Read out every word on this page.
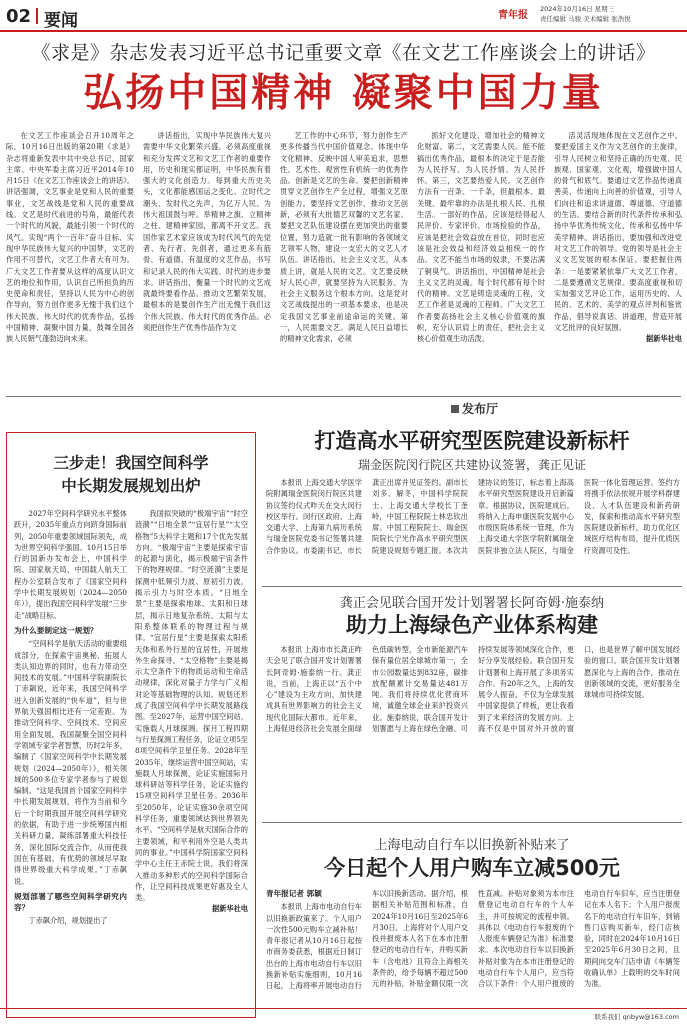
02 要闻	青年报
2024年10月16日 星期三
责任编辑 马骏 美术编辑 张浩悦
《求是》杂志发表习近平总书记重要文章《在文艺工作座谈会上的讲话》
弘扬中国精神 凝聚中国力量

在文艺工作座谈会召开10周年之际，10月16日出版的第20期《求是》杂志将重新发表中共中央总书记、国家主席、中央军委主席习近平2014年10月15日《在文艺工作座谈会上的讲话》。讲话强调，文艺事业是党和人民的重要事业，文艺战线是党和人民的重要战线。文艺是时代前进的号角，最能代表一个时代的风貌，最能引领一个时代的风气。实现“两个一百年”奋斗目标、实现中华民族伟大复兴的中国梦，文艺的作用不可替代，文艺工作者大有可为。广大文艺工作者要从这样的高度认识文艺的地位和作用，认识自己所担负的历史使命和责任，坚持以人民为中心的创作导向，努力创作更多无愧于我们这个伟大民族、伟大时代的优秀作品，弘扬中国精神、凝聚中国力量，鼓舞全国各族人民朝气蓬勃迈向未来。

讲话指出，实现中华民族伟大复兴需要中华文化繁荣兴盛。必须高度重视和充分发挥文艺和文艺工作者的重要作用，历史和现实都证明，中华民族有着强大的文化创造力。每到重大历史关头，文化都能感国运之变化、立时代之潮头、发时代之先声，为亿万人民、为伟大祖国鼓与呼。举精神之旗、立精神之柱、建精神家园，都离不开文艺。我国作家艺术家应该成为时代风气的先觉者、先行者、先倡者，通过更多有筋骨、有道德、有温度的文艺作品，书写和记录人民的伟大实践、时代的进步要求。讲话指出，衡量一个时代的文艺成就最终要看作品。推动文艺繁荣发展，最根本的是要创作生产出无愧于我们这个伟大民族、伟大时代的优秀作品。必须把创作生产优秀作品作为文

艺工作的中心环节，努力创作生产更多传播当代中国价值观念、体现中华文化精神、反映中国人审美追求，思想性、艺术性、观赏性有机统一的优秀作品。创新是文艺的生命。要把创新精神贯穿文艺创作生产全过程，增强文艺原创能力。要坚持文艺创作、推动文艺创新，必须有大批德艺双馨的文艺名家。要把文艺队伍建设摆在更加突出的重要位置，努力造就一批有影响的各领域文艺领军人物，建设一支宏大的文艺人才队伍。讲话指出，社会主义文艺，从本质上讲，就是人民的文艺。文艺要反映好人民心声，就要坚持为人民服务、为社会主义服务这个根本方向。这是党对文艺战线提出的一项基本要求，也是决定我国文艺事业前途命运的关键。第一，人民需要文艺。满足人民日益增长的精神文化需求，必须

抓好文化建设，增加社会的精神文化财富。第二，文艺需要人民。能不能搞出优秀作品，最根本的决定于是否能为人民抒写、为人民抒情、为人民抒怀。第三，文艺要热爱人民。文艺创作方法有一百条、一千条，但最根本、最关键、最牢靠的办法是扎根人民、扎根生活。一部好的作品，应该是经得起人民评价、专家评价、市场检验的作品，应该是把社会效益放在首位，同时也应该是社会效益和经济效益相统一的作品。文艺不能当市场的奴隶，不要沾满了铜臭气。讲话指出，中国精神是社会主义文艺的灵魂。每个时代都有每个时代的精神。文艺是铸造灵魂的工程，文艺工作者是灵魂的工程师。广大文艺工作者要高扬社会主义核心价值观的旗帜，充分认识肩上的责任，把社会主义核心价值观生动活泼、

活灵活现地体现在文艺创作之中。要把爱国主义作为文艺创作的主旋律，引导人民树立和坚持正确的历史观、民族观、国家观、文化观，增强做中国人的骨气和底气。要通过文艺作品传递真善美，传递向上向善的价值观，引导人们向往和追求讲道德、尊道德、守道德的生活。要结合新的时代条件传承和弘扬中华优秀传统文化，传承和弘扬中华美学精神。讲话指出，要加强和改进党对文艺工作的领导。党的领导是社会主义文艺发展的根本保证。要把握住两条：一是要紧紧依靠广大文艺工作者，二是要遵循文艺规律。要高度重视和切实加强文艺评论工作，运用历史的、人民的、艺术的、美学的观点评判和鉴赏作品，倡导说真话、讲道理，营造开展文艺批评的良好氛围。

据新华社电
发布厅
三步走！我国空间科学
中长期发展规划出炉

2027年空间科学研究水平整体跃升，2035年重点方向跻身国际前列，2050年重要领域国际领先，成为世界空间科学强国。10月15日举行的国新办发布会上，中国科学院、国家航天局、中国载人航天工程办公室联合发布了《国家空间科学中长期发展规划（2024—2050年）》，提出我国空间科学发展“三步走”战略目标。

为什么要制定这一规划？

“空间科学是航天活动的重要组成部分，在探索宇宙奥秘、拓展人类认知边界的同时，也有力带动空间技术的发展。”中国科学院副院长丁赤飙说，近年来，我国空间科学进入创新发展的“快车道”，但与世界航天强国相比还有一定差距。为推动空间科学、空间技术、空间应用全面发展，我国凝聚全国空间科学领域专家学者智慧，历时2年多，编制了《国家空间科学中长期发展规划（2024—2050年）》，相关领域的500多位专家学者参与了规划编制。“这是我国首个国家空间科学中长期发展规划，将作为当前和今后一个时期我国开展空间科学研究的依据，有助于进一步统筹国内相关科研力量，凝练部署重大科技任务，深化国际交流合作，从而使我国在有基础、有优势的领域尽早取得世界级重大科学成果。”丁赤飙说。

规划部署了哪些空间科学研究内容？

丁赤飙介绍，规划提出了

我国拟突破的“极端宇宙”“时空涟漪”“日地全景”“宜居行星”“太空格物”5大科学主题和17个优先发展方向。“极端宇宙”主要是探索宇宙的起源与演化，揭示极端宇宙条件下的物理规律。“时空涟漪”主要是探测中低频引力波、原初引力波，揭示引力与时空本质。“日地全景”主要是探索地球、太阳和日球层，揭示日地复杂系统、太阳与太阳系整体联系的物理过程与规律。“宜居行星”主要是探索太阳系天体和系外行星的宜居性，开展地外生命探寻。“太空格物”主要是揭示太空条件下的物质运动和生命活动规律，深化对量子力学与广义相对论等基础物理的认知。规划还形成了我国空间科学中长期发展路线图。至2027年，运营中国空间站，实施载人月球探测、探月工程四期与行星探测工程任务，论证立项5至8项空间科学卫星任务。2028年至2035年，继续运营中国空间站，实施载人月球探测，论证实施国际月球科研站等科学任务，论证实施约15项空间科学卫星任务。2036年至2050年，论证实施30余项空间科学任务，重要领域达到世界领先水平。“空间科学是航天国际合作的主要领域，和平利用外空是人类共同的事业。”中国科学院国家空间科学中心主任王赤院士说，我们将深入推动多种形式的空间科学国际合作，让空间科技成果更好惠及全人类。

据新华社电
打造高水平研究型医院建设新标杆
瑞金医院闵行院区共建协议签署，龚正见证

本报讯 上海交通大学医学院附属瑞金医院闵行院区共建协议签约仪式昨天在交大闵行校区举行。闵行区政府、上海交通大学、上海第九病历系统与瑞金医院党委书记签署共建合作协议。市委副书记、市长龚正出席并见证签约。副市长刘多、解冬，中国科学院院士、上海交通大学校长丁奎岭，中国工程院院士林忠钦出席。中国工程院院士、瑞金医院院长宁光作高水平研究型医院建设规划专题汇报。本次共建协议的签订，标志着上海高水平研究型医院建设开启新篇章。根据协议，医院建成后，将纳入上海申康医院发展中心市级医院体系统一管理，作为上海交通大学医学院附属瑞金医院非独立法人院区，与瑞金医院一体化管理运营。签约方将携手依法依规开展学科群建设、人才队伍建设和新药研发，探索和推动高水平研究型医院建设新标杆，助力优化区域医疗结构布局，提升优质医疗资源可及性。

龚正会见联合国开发计划署署长阿奇姆·施泰纳
助力上海绿色产业体系构建

本报讯 上海市市长龚正昨天会见了联合国开发计划署署长阿奇姆·施泰纳一行。龚正说，当前，上海正以“五个中心”建设为主攻方向，加快建成具有世界影响力的社会主义现代化国际大都市。近年来，上海促进经济社会发展全面绿色低碳转型，全市新能源汽车保有量位居全球城市第一，全市公园数量达到832座，碳排放配额累计交易量达481万吨。我们将持续优化营商环境，诚邀全球企业来沪投资兴业。施泰纳说，联合国开发计划署愿与上海在绿色金融、可持续发展等领域深化合作，更好分享发展经验。联合国开发计划署和上海开展了多项务实合作。有20年之久，上海的发展令人振奋，不仅为全球发展中国家提供了样板，更让我看到了未来经济的发展方向。上海不仅是中国对外开放的窗口，也是世界了解中国发展经验的窗口。联合国开发计划署愿深化与上海的合作，推动在创新领域的交流，更好服务全球城市可持续发展。

上海电动自行车以旧换新补贴来了
今日起个人用户购车立减500元
青年报记者 郭颖

本报讯 上海市电动自行车以旧换新政策来了。个人用户一次性500元购车立减补贴！青年报记者从10月16日起按市商务委获悉，根据近日制订出台的上海市电动自行车以旧换新补贴实施细则，10月16日起，上海将率开展电动自行车以旧换新活动。据介绍，根据相关补贴范围和标准，自2024年10月16日至2025年6月30日，上海将对个人用户交投并报废本人名下在本市注册登记的电动自行车，并购买新车（含电池）且符合上海相关条件的，给予每辆不超过500元的补贴，补贴金额仅限一次性直减。补贴对象须为本市注册登记电动自行车的个人车主，并可按规定的流程申领。具体以《电动自行车报废的个人报废车辆登记为准》标准要求。本次电动自行车以旧换新补贴对象为在本市注册登记的电动自行车个人用户，应当符合以下条件：个人用户报废的电动自行车旧车，应当注册登记在本人名下；个人用户报废名下的电动自行车旧车，到销售门店购买新车，经门店核验，同时在2024年10月16日至2025年6月30日之间，且期间向交车门店申请《车辆签收确认单》上载明的交车时间为准。

联系我们 qnbyw@163.com
